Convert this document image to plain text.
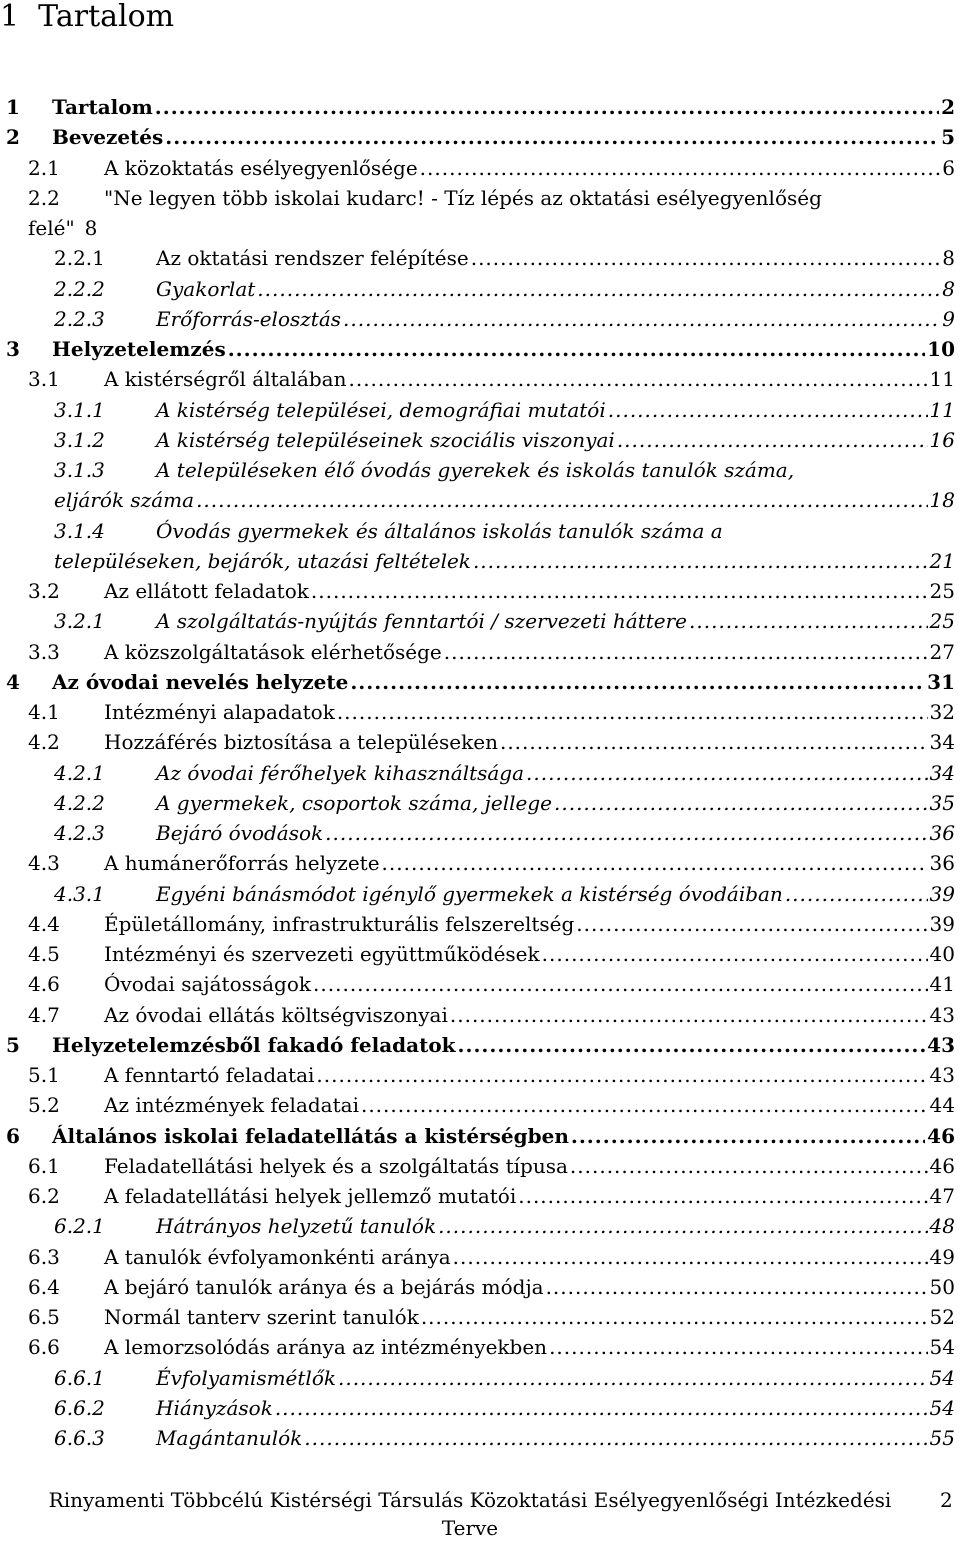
1 Tartalom
1 Tartalom .....	2
2 Bevezetés .....	5
2.1 A közoktatás esélyegyenlősége .....	6
2.2 "Ne legyen több iskolai kudarc! - Tíz lépés az oktatási esélyegyenlőség
felé" 8
2.2.1	Az oktatási rendszer felépítése .....	8
2.2.2	Gyakorlat .....	8
2.2.3	Erőforrás-elosztás .....	9
3 Helyzetelemzés .....	10
3.1 A kistérségről általában .....	11
3.1.1	A kistérség települései, demográfiai mutatói .....	11
3.1.2	A kistérség településeinek szociális viszonyai .....	16
3.1.3	A településeken élő óvodás gyerekek és iskolás tanulók száma,
eljárók száma .....	18
3.1.4	Óvodás gyermekek és általános iskolás tanulók száma a
településeken, bejárók, utazási feltételek .....	21
3.2 Az ellátott feladatok .....	25
3.2.1	A szolgáltatás-nyújtás fenntartói / szervezeti háttere .....	25
3.3 A közszolgáltatások elérhetősége .....	27
4 Az óvodai nevelés helyzete .....	31
4.1 Intézményi alapadatok .....	32
4.2 Hozzáférés biztosítása a településeken .....	34
4.2.1	Az óvodai férőhelyek kihasználtsága .....	34
4.2.2	A gyermekek, csoportok száma, jellege .....	35
4.2.3	Bejáró óvodások .....	36
4.3 A humánerőforrás helyzete .....	36
4.3.1	Egyéni bánásmódot igénylő gyermekek a kistérség óvodáiban .....	39
4.4 Épületállomány, infrastrukturális felszereltség .....	39
4.5 Intézményi és szervezeti együttműködések .....	40
4.6 Óvodai sajátosságok .....	41
4.7 Az óvodai ellátás költségviszonyai .....	43
5 Helyzetelemzésből fakadó feladatok .....	43
5.1 A fenntartó feladatai .....	43
5.2 Az intézmények feladatai .....	44
6 Általános iskolai feladatellátás a kistérségben .....	46
6.1 Feladatellátási helyek és a szolgáltatás típusa .....	46
6.2 A feladatellátási helyek jellemző mutatói .....	47
6.2.1	Hátrányos helyzetű tanulók .....	48
6.3 A tanulók évfolyamonkénti aránya .....	49
6.4 A bejáró tanulók aránya és a bejárás módja .....	50
6.5 Normál tanterv szerint tanulók .....	52
6.6 A lemorzsolódás aránya az intézményekben .....	54
6.6.1	Évfolyamismétlők .....	54
6.6.2	Hiányzások .....	54
6.6.3	Magántanulók .....	55
Rinyamenti Többcélú Kistérségi Társulás Közoktatási Esélyegyenlőségi Intézkedési Terve
2
